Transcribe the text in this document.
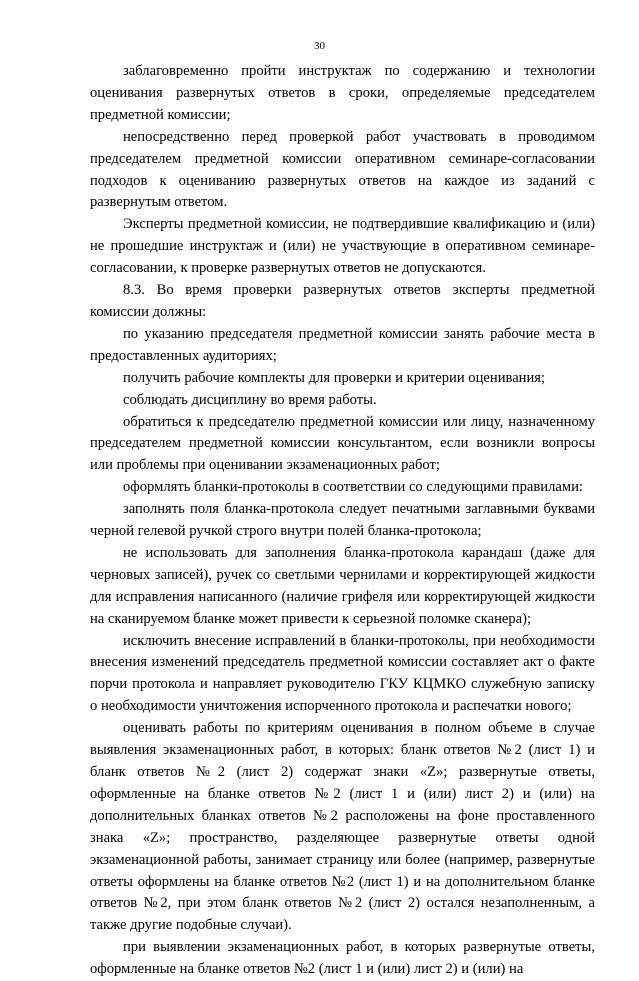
30

заблаговременно пройти инструктаж по содержанию и технологии оценивания развернутых ответов в сроки, определяемые председателем предметной комиссии;

непосредственно перед проверкой работ участвовать в проводимом председателем предметной комиссии оперативном семинаре-согласовании подходов к оцениванию развернутых ответов на каждое из заданий с развернутым ответом.

Эксперты предметной комиссии, не подтвердившие квалификацию и (или) не прошедшие инструктаж и (или) не участвующие в оперативном семинаре-согласовании, к проверке развернутых ответов не допускаются.

8.3. Во время проверки развернутых ответов эксперты предметной комиссии должны:

по указанию председателя предметной комиссии занять рабочие места в предоставленных аудиториях;

получить рабочие комплекты для проверки и критерии оценивания;

соблюдать дисциплину во время работы.

обратиться к председателю предметной комиссии или лицу, назначенному председателем предметной комиссии консультантом, если возникли вопросы или проблемы при оценивании экзаменационных работ;

оформлять бланки-протоколы в соответствии со следующими правилами:

заполнять поля бланка-протокола следует печатными заглавными буквами черной гелевой ручкой строго внутри полей бланка-протокола;

не использовать для заполнения бланка-протокола карандаш (даже для черновых записей), ручек со светлыми чернилами и корректирующей жидкости для исправления написанного (наличие грифеля или корректирующей жидкости на сканируемом бланке может привести к серьезной поломке сканера);

исключить внесение исправлений в бланки-протоколы, при необходимости внесения изменений председатель предметной комиссии составляет акт о факте порчи протокола и направляет руководителю ГКУ КЦМКО служебную записку о необходимости уничтожения испорченного протокола и распечатки нового;

оценивать работы по критериям оценивания в полном объеме в случае выявления экзаменационных работ, в которых: бланк ответов №2 (лист 1) и бланк ответов №2 (лист 2) содержат знаки «Z»; развернутые ответы, оформленные на бланке ответов №2 (лист 1 и (или) лист 2) и (или) на дополнительных бланках ответов №2 расположены на фоне проставленного знака «Z»; пространство, разделяющее развернутые ответы одной экзаменационной работы, занимает страницу или более (например, развернутые ответы оформлены на бланке ответов №2 (лист 1) и на дополнительном бланке ответов №2, при этом бланк ответов №2 (лист 2) остался незаполненным, а также другие подобные случаи).

при выявлении экзаменационных работ, в которых развернутые ответы, оформленные на бланке ответов №2 (лист 1 и (или) лист 2) и (или) на
